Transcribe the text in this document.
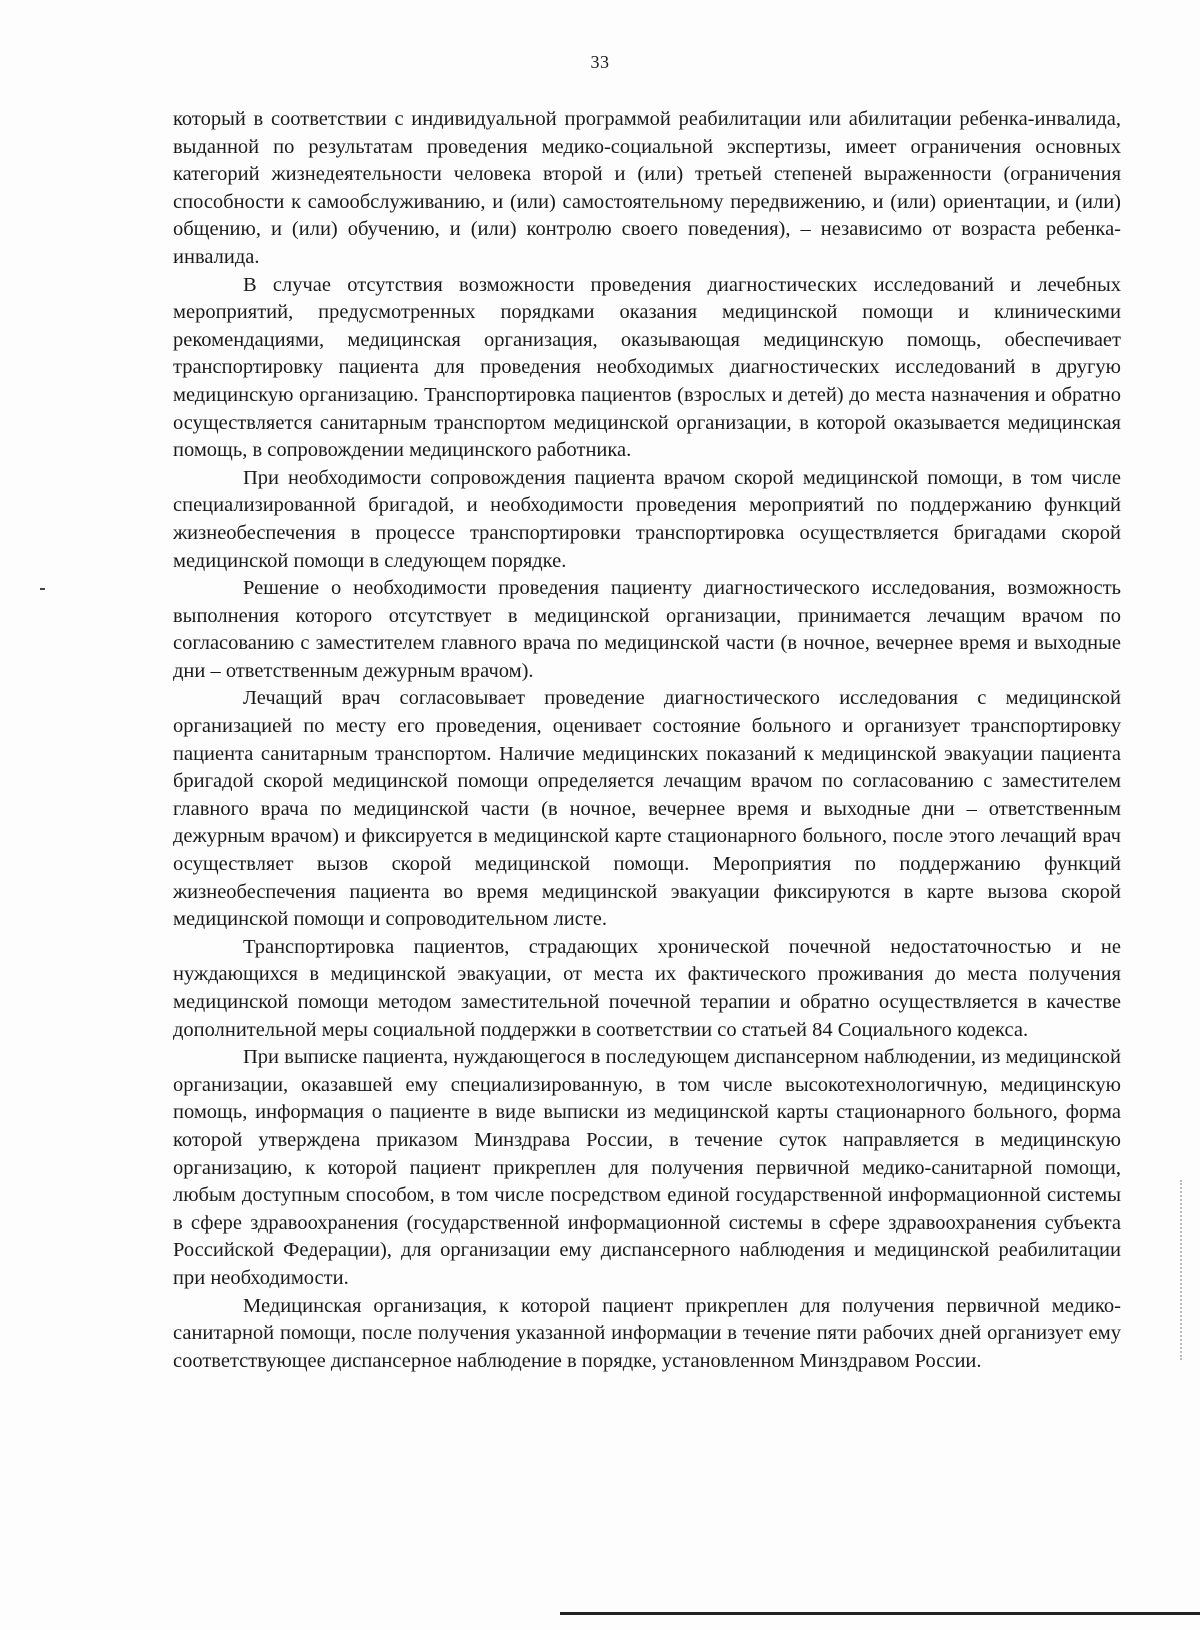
33

который в соответствии с индивидуальной программой реабилитации или абилитации ребенка-инвалида, выданной по результатам проведения медико-социальной экспертизы, имеет ограничения основных категорий жизнедеятельности человека второй и (или) третьей степеней выраженности (ограничения способности к самообслуживанию, и (или) самостоятельному передвижению, и (или) ориентации, и (или) общению, и (или) обучению, и (или) контролю своего поведения), – независимо от возраста ребенка-инвалида.

В случае отсутствия возможности проведения диагностических исследований и лечебных мероприятий, предусмотренных порядками оказания медицинской помощи и клиническими рекомендациями, медицинская организация, оказывающая медицинскую помощь, обеспечивает транспортировку пациента для проведения необходимых диагностических исследований в другую медицинскую организацию. Транспортировка пациентов (взрослых и детей) до места назначения и обратно осуществляется санитарным транспортом медицинской организации, в которой оказывается медицинская помощь, в сопровождении медицинского работника.

При необходимости сопровождения пациента врачом скорой медицинской помощи, в том числе специализированной бригадой, и необходимости проведения мероприятий по поддержанию функций жизнеобеспечения в процессе транспортировки транспортировка осуществляется бригадами скорой медицинской помощи в следующем порядке.

Решение о необходимости проведения пациенту диагностического исследования, возможность выполнения которого отсутствует в медицинской организации, принимается лечащим врачом по согласованию с заместителем главного врача по медицинской части (в ночное, вечернее время и выходные дни – ответственным дежурным врачом).

Лечащий врач согласовывает проведение диагностического исследования с медицинской организацией по месту его проведения, оценивает состояние больного и организует транспортировку пациента санитарным транспортом. Наличие медицинских показаний к медицинской эвакуации пациента бригадой скорой медицинской помощи определяется лечащим врачом по согласованию с заместителем главного врача по медицинской части (в ночное, вечернее время и выходные дни – ответственным дежурным врачом) и фиксируется в медицинской карте стационарного больного, после этого лечащий врач осуществляет вызов скорой медицинской помощи. Мероприятия по поддержанию функций жизнеобеспечения пациента во время медицинской эвакуации фиксируются в карте вызова скорой медицинской помощи и сопроводительном листе.

Транспортировка пациентов, страдающих хронической почечной недостаточностью и не нуждающихся в медицинской эвакуации, от места их фактического проживания до места получения медицинской помощи методом заместительной почечной терапии и обратно осуществляется в качестве дополнительной меры социальной поддержки в соответствии со статьей 84 Социального кодекса.

При выписке пациента, нуждающегося в последующем диспансерном наблюдении, из медицинской организации, оказавшей ему специализированную, в том числе высокотехнологичную, медицинскую помощь, информация о пациенте в виде выписки из медицинской карты стационарного больного, форма которой утверждена приказом Минздрава России, в течение суток направляется в медицинскую организацию, к которой пациент прикреплен для получения первичной медико-санитарной помощи, любым доступным способом, в том числе посредством единой государственной информационной системы в сфере здравоохранения (государственной информационной системы в сфере здравоохранения субъекта Российской Федерации), для организации ему диспансерного наблюдения и медицинской реабилитации при необходимости.

Медицинская организация, к которой пациент прикреплен для получения первичной медико-санитарной помощи, после получения указанной информации в течение пяти рабочих дней организует ему соответствующее диспансерное наблюдение в порядке, установленном Минздравом России.
